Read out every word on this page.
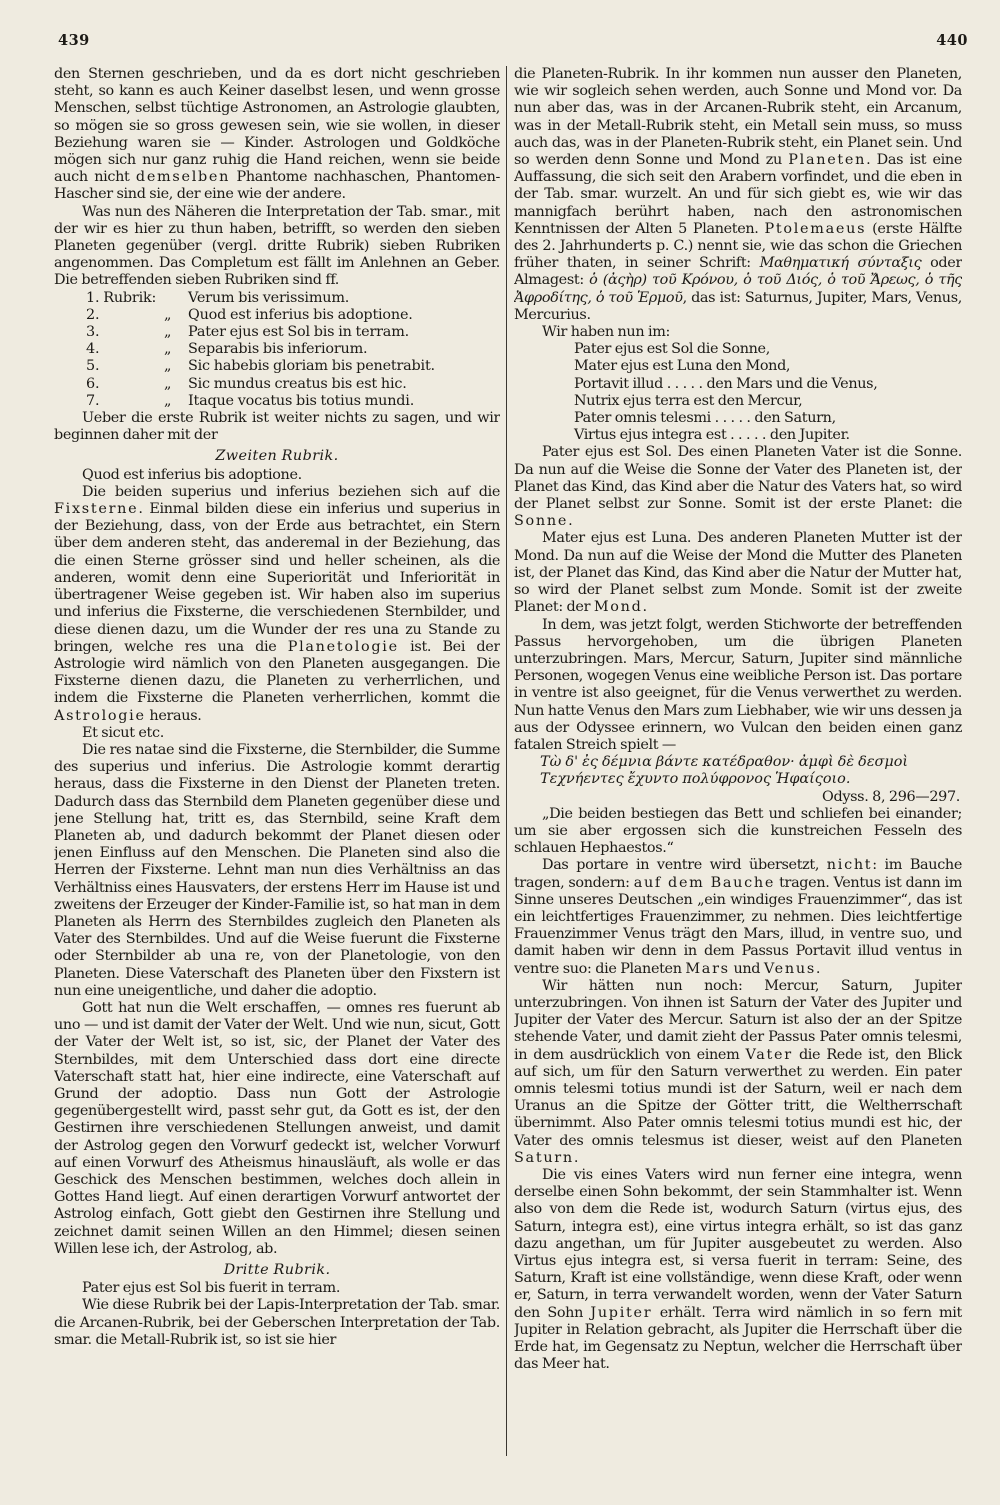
439	440

den Sternen geschrieben, und da es dort nicht geschrieben steht, so kann es auch Keiner daselbst lesen, und wenn grosse Menschen, selbst tüchtige Astronomen, an Astrologie glaubten, so mögen sie so gross gewesen sein, wie sie wollen, in dieser Beziehung waren sie — Kinder. Astrologen und Goldköche mögen sich nur ganz ruhig die Hand reichen, wenn sie beide auch nicht demselben Phantome nachhaschen, Phantomen-Hascher sind sie, der eine wie der andere.

Was nun des Näheren die Interpretation der Tab. smar., mit der wir es hier zu thun haben, betrifft, so werden den sieben Planeten gegenüber (vergl. dritte Rubrik) sieben Rubriken angenommen. Das Completum est fällt im Anlehnen an Geber. Die betreffenden sieben Rubriken sind ff.

1. Rubrik:	Verum bis verissimum.
2.	„	Quod est inferius bis adoptione.
3.	„	Pater ejus est Sol bis in terram.
4.	„	Separabis bis inferiorum.
5.	„	Sic habebis gloriam bis penetrabit.
6.	„	Sic mundus creatus bis est hic.
7.	„	Itaque vocatus bis totius mundi.

Ueber die erste Rubrik ist weiter nichts zu sagen, und wir beginnen daher mit der

Zweiten Rubrik.

Quod est inferius bis adoptione.

Die beiden superius und inferius beziehen sich auf die Fixsterne. Einmal bilden diese ein inferius und superius in der Beziehung, dass, von der Erde aus betrachtet, ein Stern über dem anderen steht, das anderemal in der Beziehung, das die einen Sterne grösser sind und heller scheinen, als die anderen, womit denn eine Superiorität und Inferiorität in übertragener Weise gegeben ist. Wir haben also im superius und inferius die Fixsterne, die verschiedenen Sternbilder, und diese dienen dazu, um die Wunder der res una zu Stande zu bringen, welche res una die Planetologie ist. Bei der Astrologie wird nämlich von den Planeten ausgegangen. Die Fixsterne dienen dazu, die Planeten zu verherrlichen, und indem die Fixsterne die Planeten verherrlichen, kommt die Astrologie heraus.

Et sicut etc.

Die res natae sind die Fixsterne, die Sternbilder, die Summe des superius und inferius. Die Astrologie kommt derartig heraus, dass die Fixsterne in den Dienst der Planeten treten. Dadurch dass das Sternbild dem Planeten gegenüber diese und jene Stellung hat, tritt es, das Sternbild, seine Kraft dem Planeten ab, und dadurch bekommt der Planet diesen oder jenen Einfluss auf den Menschen. Die Planeten sind also die Herren der Fixsterne. Lehnt man nun dies Verhältniss an das Verhältniss eines Hausvaters, der erstens Herr im Hause ist und zweitens der Erzeuger der Kinder-Familie ist, so hat man in dem Planeten als Herrn des Sternbildes zugleich den Planeten als Vater des Sternbildes. Und auf die Weise fuerunt die Fixsterne oder Sternbilder ab una re, von der Planetologie, von den Planeten. Diese Vaterschaft des Planeten über den Fixstern ist nun eine uneigentliche, und daher die adoptio.

Gott hat nun die Welt erschaffen, — omnes res fuerunt ab uno — und ist damit der Vater der Welt. Und wie nun, sicut, Gott der Vater der Welt ist, so ist, sic, der Planet der Vater des Sternbildes, mit dem Unterschied dass dort eine directe Vaterschaft statt hat, hier eine indirecte, eine Vaterschaft auf Grund der adoptio. Dass nun Gott der Astrologie gegenübergestellt wird, passt sehr gut, da Gott es ist, der den Gestirnen ihre verschiedenen Stellungen anweist, und damit der Astrolog gegen den Vorwurf gedeckt ist, welcher Vorwurf auf einen Vorwurf des Atheismus hinausläuft, als wolle er das Geschick des Menschen bestimmen, welches doch allein in Gottes Hand liegt. Auf einen derartigen Vorwurf antwortet der Astrolog einfach, Gott giebt den Gestirnen ihre Stellung und zeichnet damit seinen Willen an den Himmel; diesen seinen Willen lese ich, der Astrolog, ab.

Dritte Rubrik.

Pater ejus est Sol bis fuerit in terram.

Wie diese Rubrik bei der Lapis-Interpretation der Tab. smar. die Arcanen-Rubrik, bei der Geberschen Interpretation der Tab. smar. die Metall-Rubrik ist, so ist sie hier

die Planeten-Rubrik. In ihr kommen nun ausser den Planeten, wie wir sogleich sehen werden, auch Sonne und Mond vor. Da nun aber das, was in der Arcanen-Rubrik steht, ein Arcanum, was in der Metall-Rubrik steht, ein Metall sein muss, so muss auch das, was in der Planeten-Rubrik steht, ein Planet sein. Und so werden denn Sonne und Mond zu Planeten. Das ist eine Auffassung, die sich seit den Arabern vorfindet, und die eben in der Tab. smar. wurzelt. An und für sich giebt es, wie wir das mannigfach berührt haben, nach den astronomischen Kenntnissen der Alten 5 Planeten. Ptolemaeus (erste Hälfte des 2. Jahrhunderts p. C.) nennt sie, wie das schon die Griechen früher thaten, in seiner Schrift: Μαθηματική σύνταξις oder Almagest: ὁ (ἀςὴρ) τοῦ Κρόνου, ὁ τοῦ Διός, ὁ τοῦ Ἄρεως, ὁ τῆς Ἀφροδίτης, ὁ τοῦ Ἑρμοῦ, das ist: Saturnus, Jupiter, Mars, Venus, Mercurius.

Wir haben nun im:

Pater ejus est Sol die Sonne,
Mater ejus est Luna den Mond,
Portavit illud . . . . . den Mars und die Venus,
Nutrix ejus terra est den Mercur,
Pater omnis telesmi . . . . . den Saturn,
Virtus ejus integra est . . . . . den Jupiter.

Pater ejus est Sol. Des einen Planeten Vater ist die Sonne. Da nun auf die Weise die Sonne der Vater des Planeten ist, der Planet das Kind, das Kind aber die Natur des Vaters hat, so wird der Planet selbst zur Sonne. Somit ist der erste Planet: die Sonne.

Mater ejus est Luna. Des anderen Planeten Mutter ist der Mond. Da nun auf die Weise der Mond die Mutter des Planeten ist, der Planet das Kind, das Kind aber die Natur der Mutter hat, so wird der Planet selbst zum Monde. Somit ist der zweite Planet: der Mond.

In dem, was jetzt folgt, werden Stichworte der betreffenden Passus hervorgehoben, um die übrigen Planeten unterzubringen. Mars, Mercur, Saturn, Jupiter sind männliche Personen, wogegen Venus eine weibliche Person ist. Das portare in ventre ist also geeignet, für die Venus verwerthet zu werden. Nun hatte Venus den Mars zum Liebhaber, wie wir uns dessen ja aus der Odyssee erinnern, wo Vulcan den beiden einen ganz fatalen Streich spielt —

Τὼ δ' ἐς δέμνια βάντε κατέδραθον· ἀμφὶ δὲ δεσμοὶ Τεχνήεντες ἔχυντο πολύφρονος Ἡφαίςοιο.

Odyss. 8, 296—297.

„Die beiden bestiegen das Bett und schliefen bei einander; um sie aber ergossen sich die kunstreichen Fesseln des schlauen Hephaestos.“

Das portare in ventre wird übersetzt, nicht: im Bauche tragen, sondern: auf dem Bauche tragen. Ventus ist dann im Sinne unseres Deutschen „ein windiges Frauenzimmer“, das ist ein leichtfertiges Frauenzimmer, zu nehmen. Dies leichtfertige Frauenzimmer Venus trägt den Mars, illud, in ventre suo, und damit haben wir denn in dem Passus Portavit illud ventus in ventre suo: die Planeten Mars und Venus.

Wir hätten nun noch: Mercur, Saturn, Jupiter unterzubringen. Von ihnen ist Saturn der Vater des Jupiter und Jupiter der Vater des Mercur. Saturn ist also der an der Spitze stehende Vater, und damit zieht der Passus Pater omnis telesmi, in dem ausdrücklich von einem Vater die Rede ist, den Blick auf sich, um für den Saturn verwerthet zu werden. Ein pater omnis telesmi totius mundi ist der Saturn, weil er nach dem Uranus an die Spitze der Götter tritt, die Weltherrschaft übernimmt. Also Pater omnis telesmi totius mundi est hic, der Vater des omnis telesmus ist dieser, weist auf den Planeten Saturn.

Die vis eines Vaters wird nun ferner eine integra, wenn derselbe einen Sohn bekommt, der sein Stammhalter ist. Wenn also von dem die Rede ist, wodurch Saturn (virtus ejus, des Saturn, integra est), eine virtus integra erhält, so ist das ganz dazu angethan, um für Jupiter ausgebeutet zu werden. Also Virtus ejus integra est, si versa fuerit in terram: Seine, des Saturn, Kraft ist eine vollständige, wenn diese Kraft, oder wenn er, Saturn, in terra verwandelt worden, wenn der Vater Saturn den Sohn Jupiter erhält. Terra wird nämlich in so fern mit Jupiter in Relation gebracht, als Jupiter die Herrschaft über die Erde hat, im Gegensatz zu Neptun, welcher die Herrschaft über das Meer hat.
